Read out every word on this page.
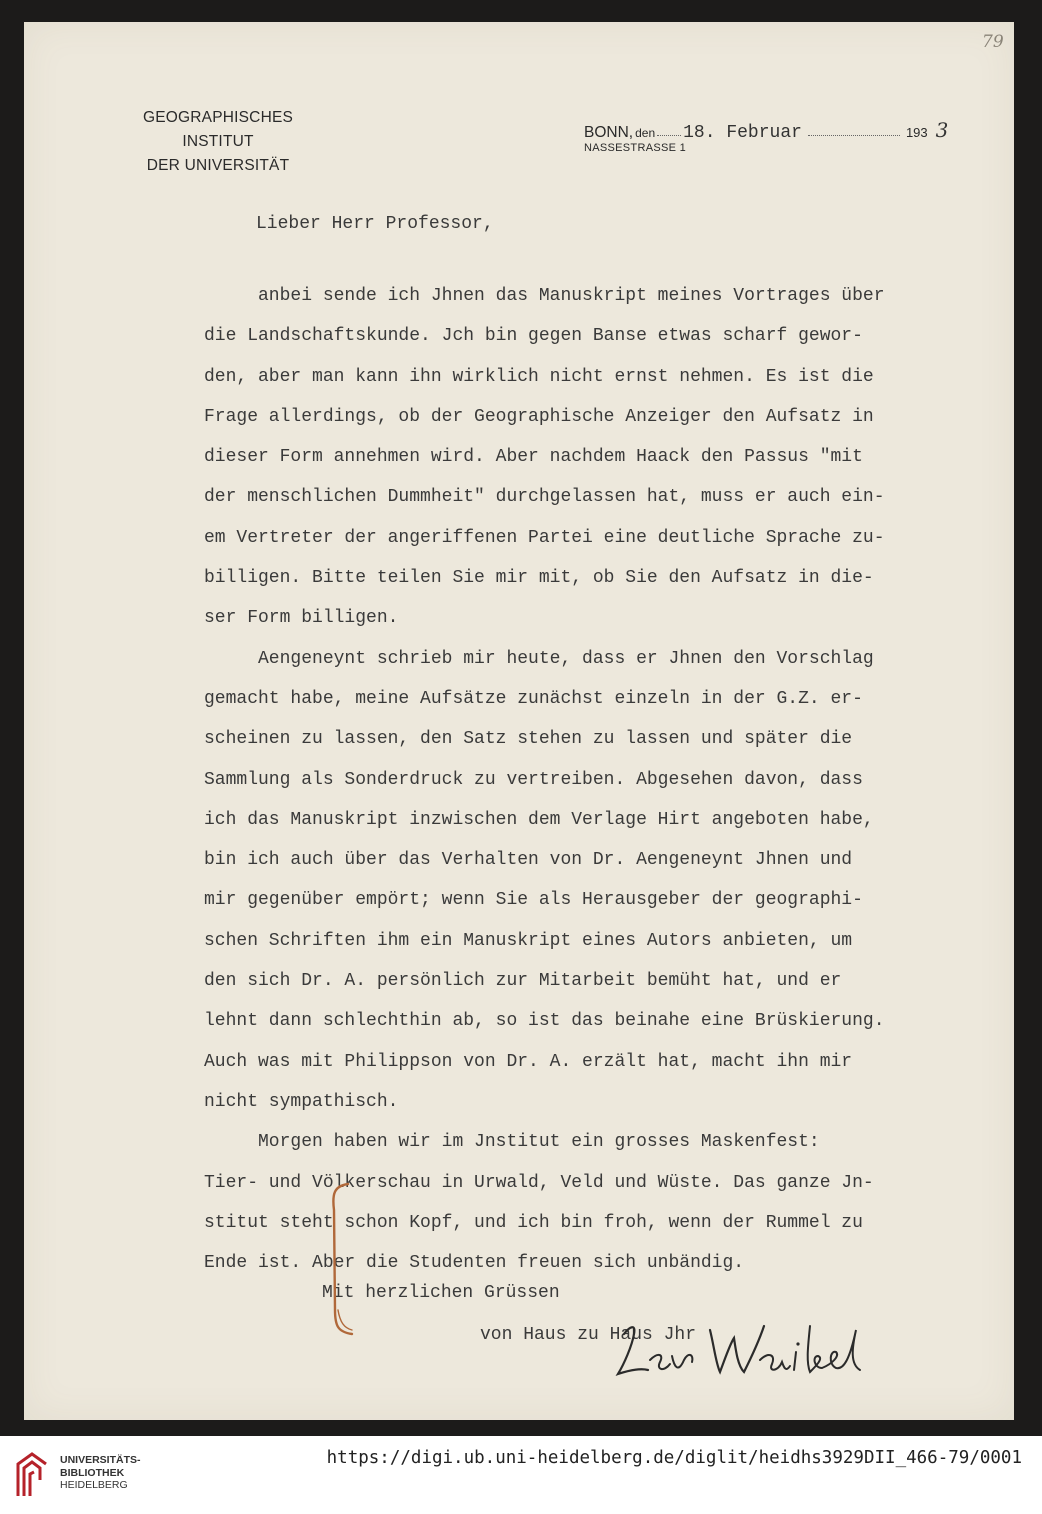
79
GEOGRAPHISCHES INSTITUT
DER UNIVERSITÄT
BONN, den 18. Februar	193 3
NASSESTRASSE 1
Lieber Herr Professor,
anbei sende ich Jhnen das Manuskript meines Vortrages über
die Landschaftskunde. Jch bin gegen Banse etwas scharf gewor-
den, aber man kann ihn wirklich nicht ernst nehmen. Es ist die
Frage allerdings, ob der Geographische Anzeiger den Aufsatz in
dieser Form annehmen wird. Aber nachdem Haack den Passus "mit
der menschlichen Dummheit" durchgelassen hat, muss er auch ein-
em Vertreter der angeriffenen Partei eine deutliche Sprache zu-
billigen. Bitte teilen Sie mir mit, ob Sie den Aufsatz in die-
ser Form billigen.
Aengeneynt schrieb mir heute, dass er Jhnen den Vorschlag
gemacht habe, meine Aufsätze zunächst einzeln in der G.Z. er-
scheinen zu lassen, den Satz stehen zu lassen und später die
Sammlung als Sonderdruck zu vertreiben. Abgesehen davon, dass
ich das Manuskript inzwischen dem Verlage Hirt angeboten habe,
bin ich auch über das Verhalten von Dr. Aengeneynt Jhnen und
mir gegenüber empört; wenn Sie als Herausgeber der geographi-
schen Schriften ihm ein Manuskript eines Autors anbieten, um
den sich Dr. A. persönlich zur Mitarbeit bemüht hat, und er
lehnt dann schlechthin ab, so ist das beinahe eine Brüskierung.
Auch was mit Philippson von Dr. A. erzält hat, macht ihn mir
nicht sympathisch.
Morgen haben wir im Jnstitut ein grosses Maskenfest:
Tier- und Völkerschau in Urwald, Veld und Wüste. Das ganze Jn-
stitut steht schon Kopf, und ich bin froh, wenn der Rummel zu
Ende ist. Aber die Studenten freuen sich unbändig.
Mit herzlichen Grüssen
von Haus zu Haus Jhr
UNIVERSITÄTS-
BIBLIOTHEK
HEIDELBERG
https://digi.ub.uni-heidelberg.de/diglit/heidhs3929DII_466-79/0001
